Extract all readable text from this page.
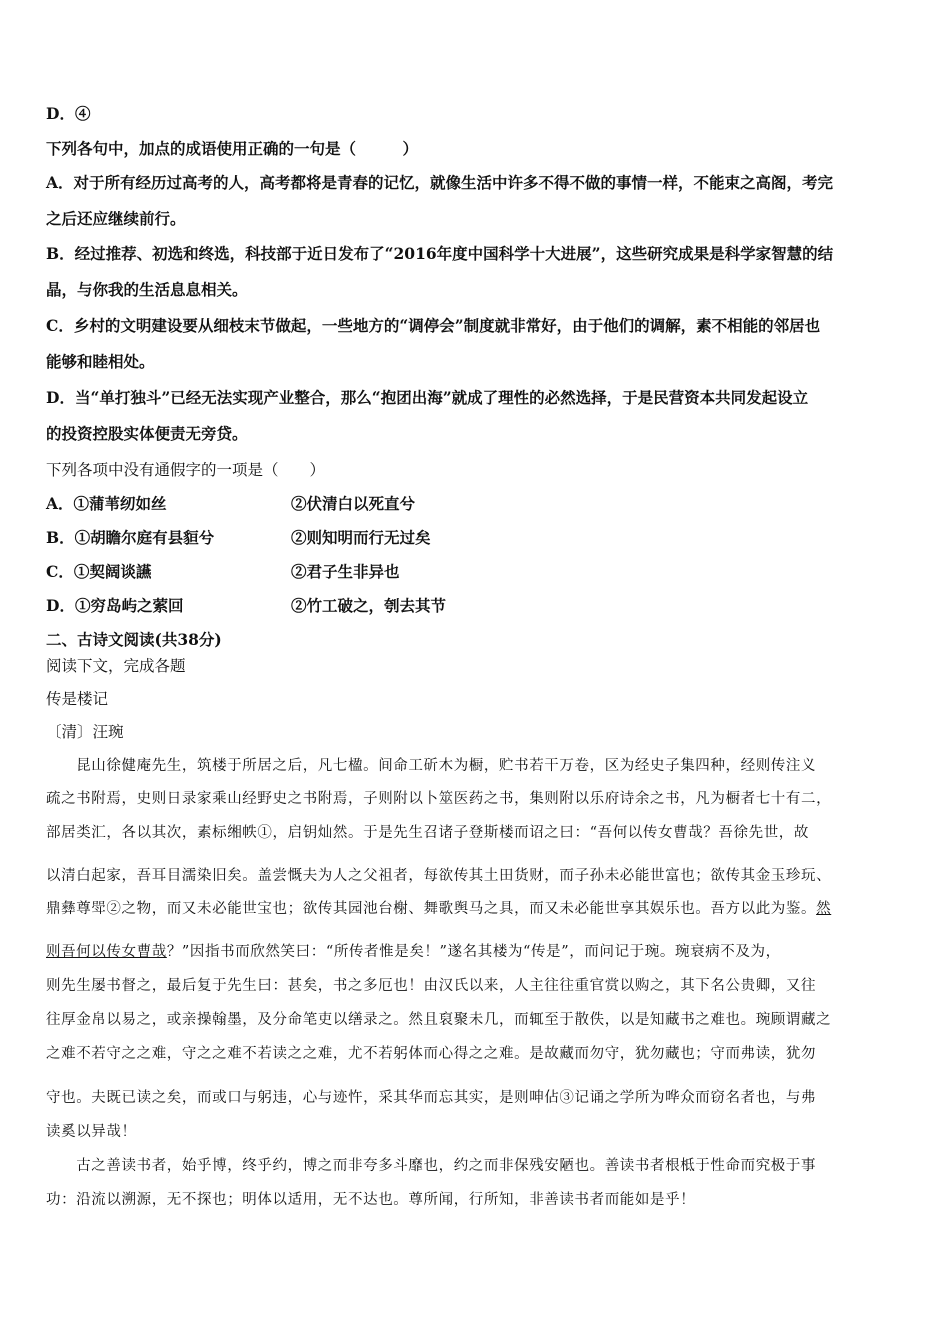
D．④
下列各句中，加点的成语使用正确的一句是（　　　）
A．对于所有经历过高考的人，高考都将是青春的记忆，就像生活中许多不得不做的事情一样，不能束之高阁，考完
之后还应继续前行。
B．经过推荐、初选和终选，科技部于近日发布了“2016年度中国科学十大进展”，这些研究成果是科学家智慧的结
晶，与你我的生活息息相关。
C．乡村的文明建设要从细枝末节做起，一些地方的“调停会”制度就非常好，由于他们的调解，素不相能的邻居也
能够和睦相处。
D．当“单打独斗”已经无法实现产业整合，那么“抱团出海”就成了理性的必然选择，于是民营资本共同发起设立
的投资控股实体便责无旁贷。
下列各项中没有通假字的一项是（　　）
A．①蒲苇纫如丝	②伏清白以死直兮
B．①胡瞻尔庭有县貆兮	②则知明而行无过矣
C．①契阔谈讌	②君子生非异也
D．①穷岛屿之萦回	②竹工破之，刳去其节
二、古诗文阅读(共38分)
阅读下文，完成各题
传是楼记
〔清〕汪琬
　　昆山徐健庵先生，筑楼于所居之后，凡七楹。间命工斫木为橱，贮书若干万卷，区为经史子集四种，经则传注义
疏之书附焉，史则日录家乘山经野史之书附焉，子则附以卜筮医药之书，集则附以乐府诗余之书，凡为橱者七十有二，
部居类汇，各以其次，素标缃帙①，启钥灿然。于是先生召诸子登斯楼而诏之曰：“吾何以传女曹哉？吾徐先世，故
以清白起家，吾耳目濡染旧矣。盖尝慨夫为人之父祖者，每欲传其土田货财，而子孙未必能世富也；欲传其金玉珍玩、
鼎彝尊斝②之物，而又未必能世宝也；欲传其园池台榭、舞歌舆马之具，而又未必能世享其娱乐也。吾方以此为鉴。然
则吾何以传女曹哉？”因指书而欣然笑曰：“所传者惟是矣！”遂名其楼为“传是”，而问记于琬。琬衰病不及为，
则先生屡书督之，最后复于先生曰：甚矣，书之多厄也！由汉氏以来，人主往往重官赏以购之，其下名公贵卿，又往
往厚金帛以易之，或亲操翰墨，及分命笔吏以缮录之。然且裒聚未几，而辄至于散佚，以是知藏书之难也。琬顾谓藏之
之难不若守之之难，守之之难不若读之之难，尤不若躬体而心得之之难。是故藏而勿守，犹勿藏也；守而弗读，犹勿
守也。夫既已读之矣，而或口与躬违，心与迹忤，采其华而忘其实，是则呻佔③记诵之学所为哗众而窃名者也，与弗
读奚以异哉！
　　古之善读书者，始乎博，终乎约，博之而非夸多斗靡也，约之而非保残安陋也。善读书者根柢于性命而究极于事
功：沿流以溯源，无不探也；明体以适用，无不达也。尊所闻，行所知，非善读书者而能如是乎！
